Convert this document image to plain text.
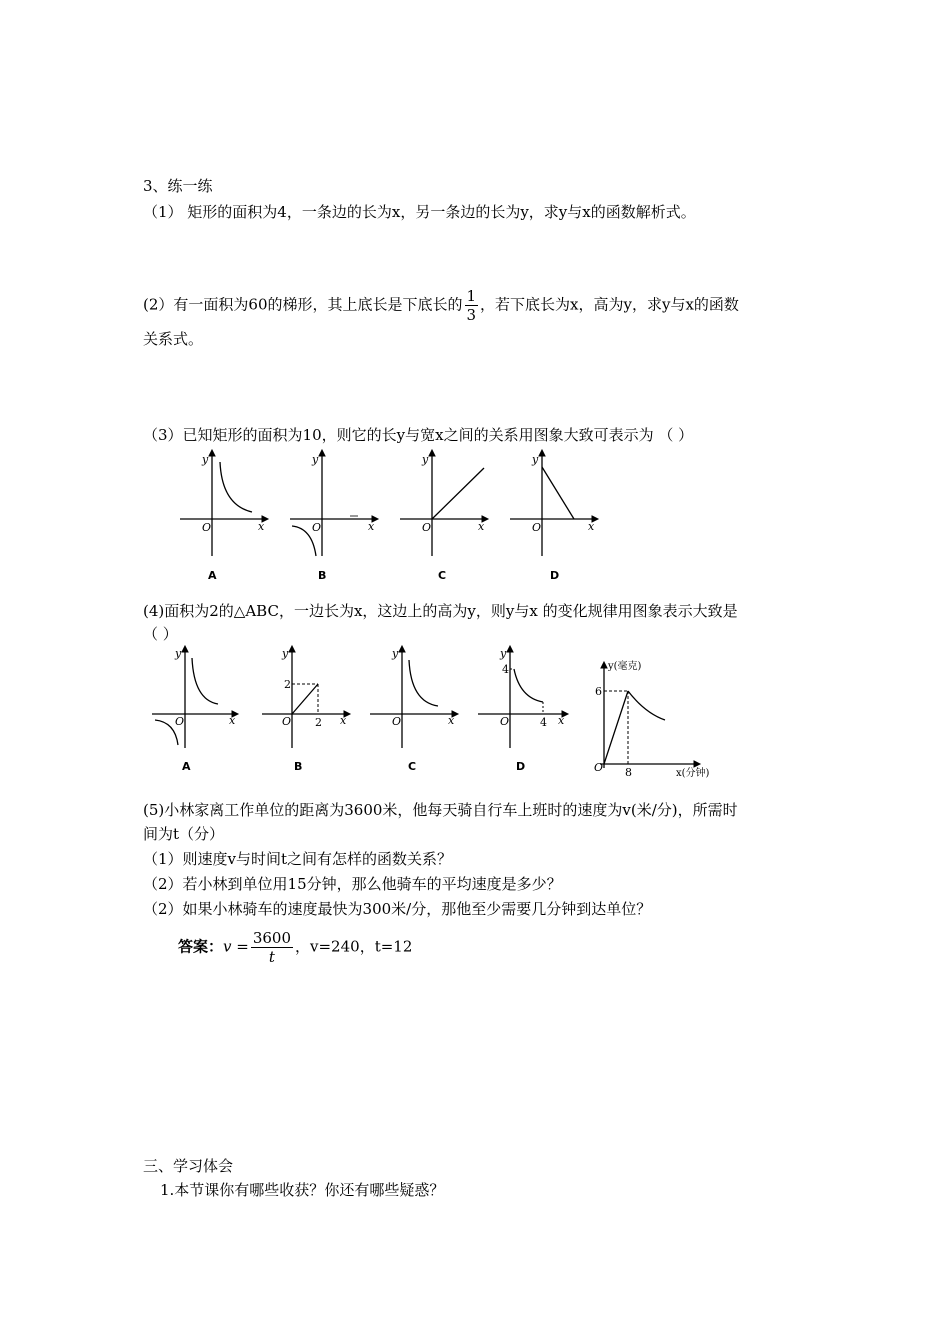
3、练一练
（1） 矩形的面积为4，一条边的长为x，另一条边的长为y，求y与x的函数解析式。
(2）有一面积为60的梯形，其上底长是下底长的 $\frac{1}{3}$ ，若下底长为x，高为y，求y与x的函数
关系式。
（3）已知矩形的面积为10，则它的长y与宽x之间的关系用图象大致可表示为 （ ）
y
x
O
y
x
O
y
x
O
y
x
O
A	B	C	D
y
x
O
y
x
O
y
x
O
y
x
O
O
2
2
4
4
6
8
y(毫克)
x(分钟)
A	B	C	D
(4)面积为2的△ABC，一边长为x，这边上的高为y，则y与x 的变化规律用图象表示大致是
（ ）
(5)小林家离工作单位的距离为3600米，他每天骑自行车上班时的速度为v(米/分)，所需时
间为t（分）
（1）则速度v与时间t之间有怎样的函数关系？
（2）若小林到单位用15分钟，那么他骑车的平均速度是多少？
（2）如果小林骑车的速度最快为300米/分，那他至少需要几分钟到达单位？
答案：$v = \frac{3600}{t}$ ，v=240，t=12
三、学习体会
1.本节课你有哪些收获？你还有哪些疑惑？
